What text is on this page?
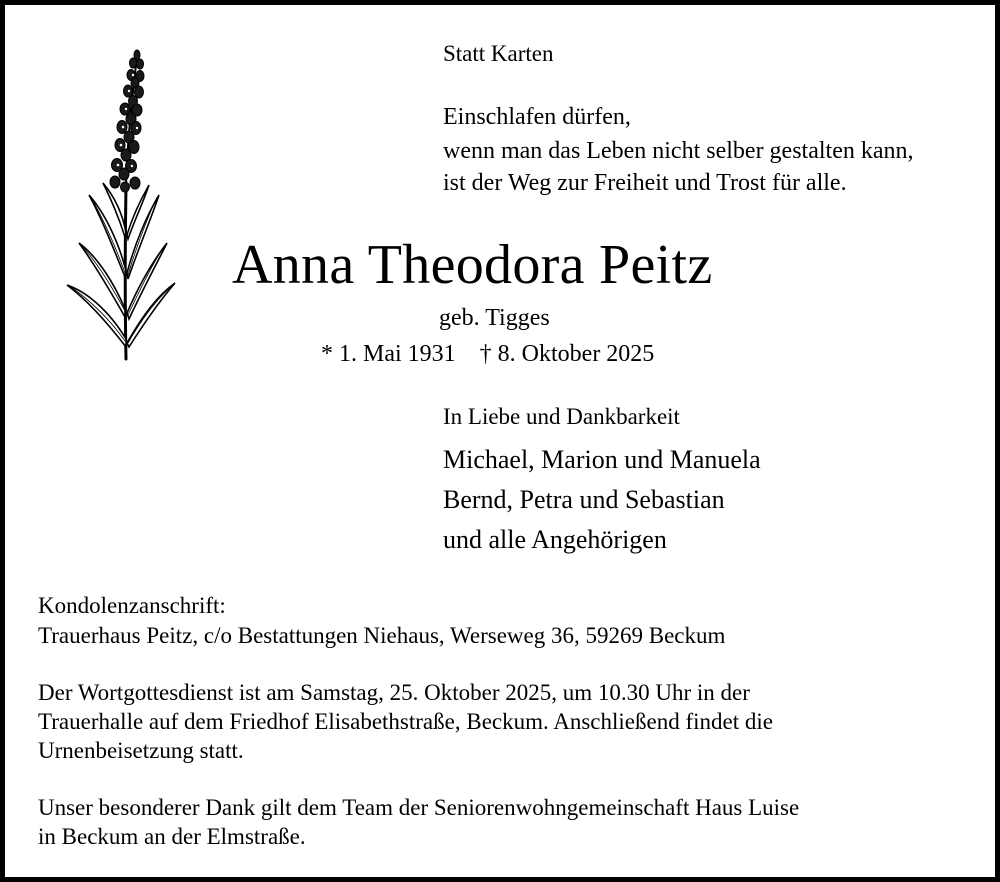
Statt Karten
Einschlafen dürfen,
wenn man das Leben nicht selber gestalten kann,
ist der Weg zur Freiheit und Trost für alle.
Anna Theodora Peitz
geb. Tigges
* 1. Mai 1931    † 8. Oktober 2025
In Liebe und Dankbarkeit
Michael, Marion und Manuela
Bernd, Petra und Sebastian
und alle Angehörigen
Kondolenzanschrift:
Trauerhaus Peitz, c/o Bestattungen Niehaus, Werseweg 36, 59269 Beckum
Der Wortgottesdienst ist am Samstag, 25. Oktober 2025, um 10.30 Uhr in der
Trauerhalle auf dem Friedhof Elisabethstraße, Beckum. Anschließend findet die
Urnenbeisetzung statt.
Unser besonderer Dank gilt dem Team der Seniorenwohngemeinschaft Haus Luise
in Beckum an der Elmstraße.
